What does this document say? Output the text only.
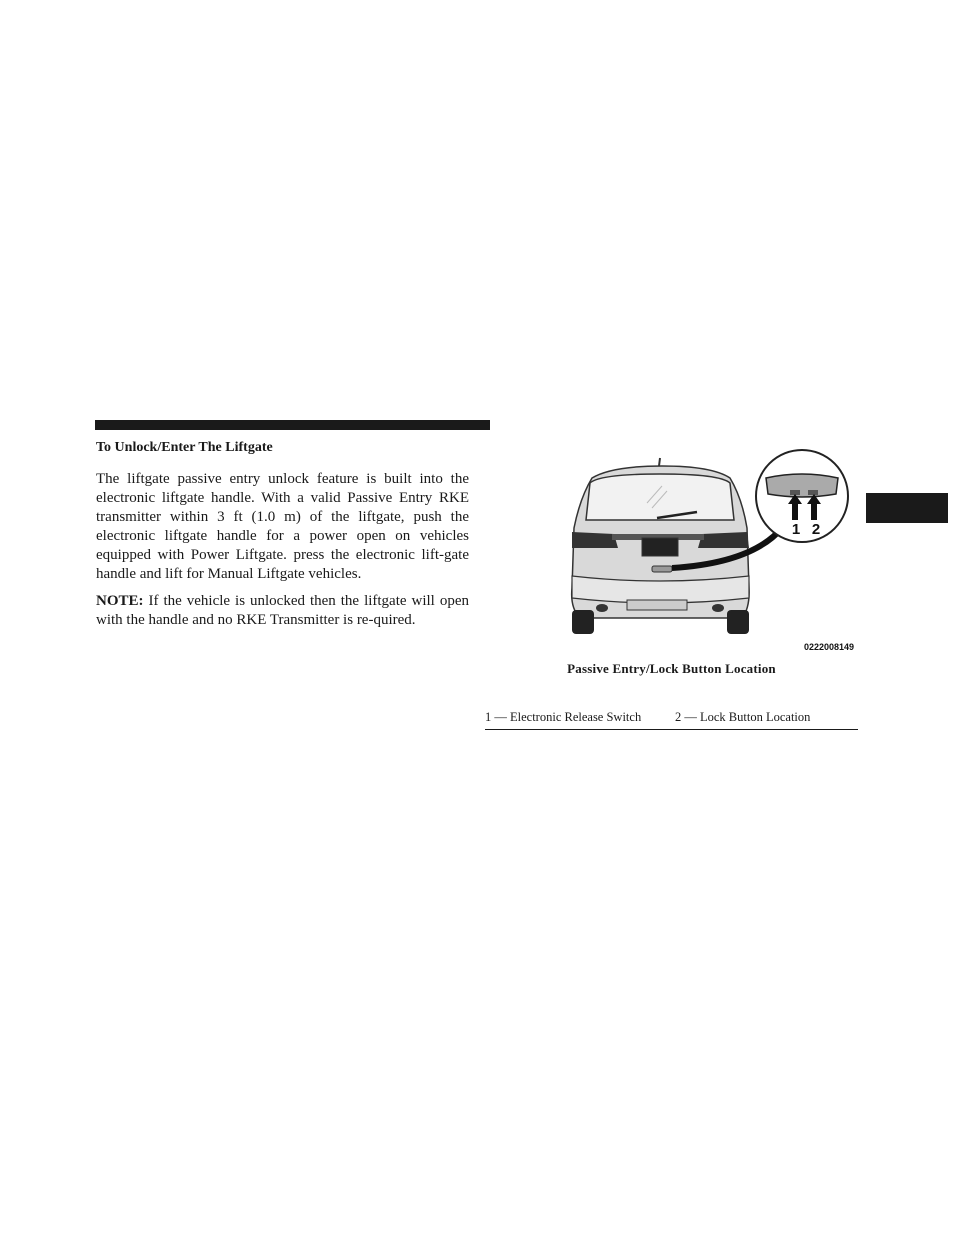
To Unlock/Enter The Liftgate

The liftgate passive entry unlock feature is built into the electronic liftgate handle. With a valid Passive Entry RKE transmitter within 3 ft (1.0 m) of the liftgate, push the electronic liftgate handle for a power open on vehicles equipped with Power Liftgate. press the electronic lift-gate handle and lift for Manual Liftgate vehicles.

NOTE: If the vehicle is unlocked then the liftgate will open with the handle and no RKE Transmitter is re-quired.

1 2
0222008149
Passive Entry/Lock Button Location
1 — Electronic Release Switch	2 — Lock Button Location
